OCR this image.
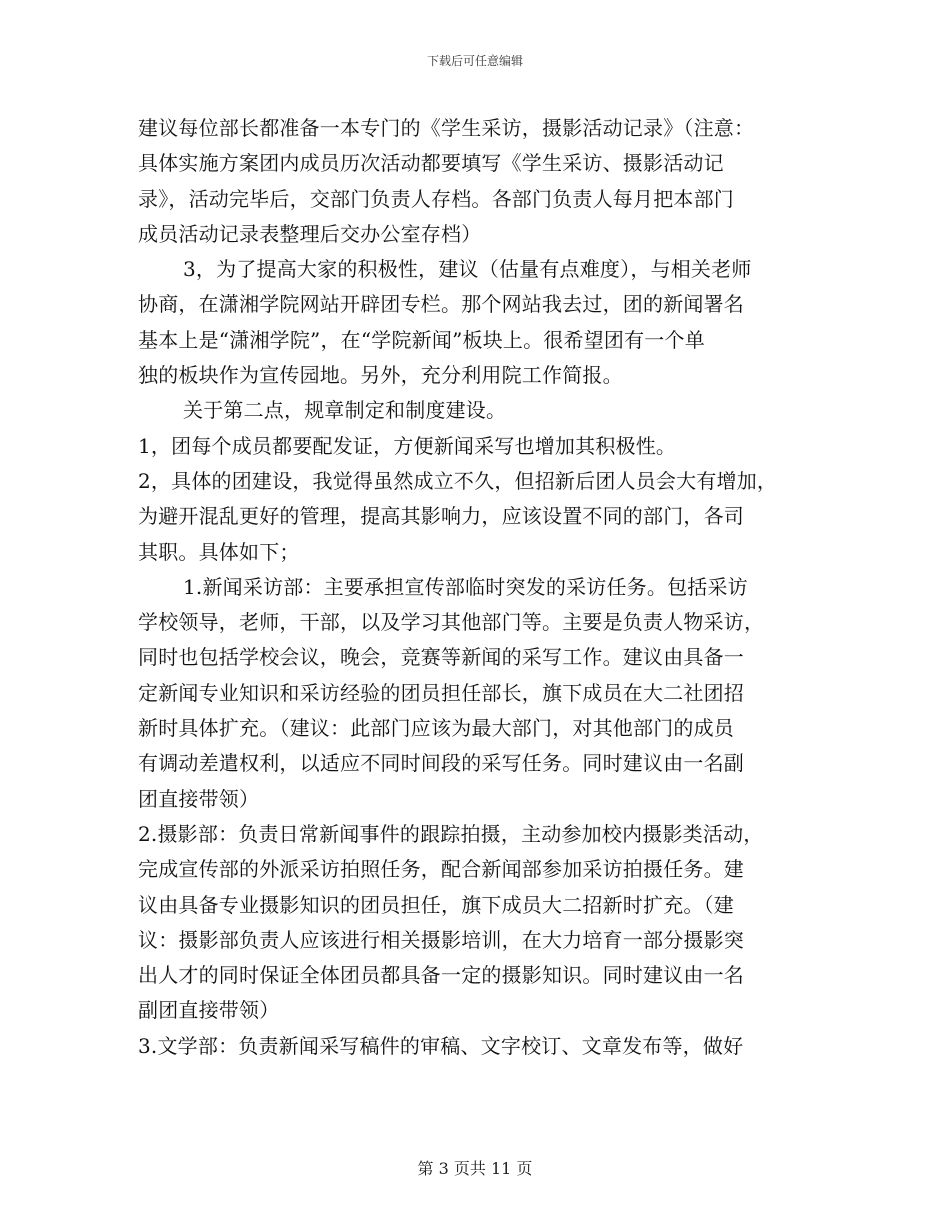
下载后可任意编辑
建议每位部长都准备一本专门的《学生采访，摄影活动记录》（注意：
具体实施方案团内成员历次活动都要填写《学生采访、摄影活动记
录》，活动完毕后，交部门负责人存档。各部门负责人每月把本部门
成员活动记录表整理后交办公室存档）
3，为了提高大家的积极性，建议（估量有点难度），与相关老师
协商，在潇湘学院网站开辟团专栏。那个网站我去过，团的新闻署名
基本上是“潇湘学院”，在“学院新闻”板块上。很希望团有一个单
独的板块作为宣传园地。另外，充分利用院工作简报。
关于第二点，规章制定和制度建设。
1，团每个成员都要配发证，方便新闻采写也增加其积极性。
2，具体的团建设，我觉得虽然成立不久，但招新后团人员会大有增加，
为避开混乱更好的管理，提高其影响力，应该设置不同的部门，各司
其职。具体如下；
1.新闻采访部：主要承担宣传部临时突发的采访任务。包括采访
学校领导，老师，干部，以及学习其他部门等。主要是负责人物采访，
同时也包括学校会议，晚会，竞赛等新闻的采写工作。建议由具备一
定新闻专业知识和采访经验的团员担任部长，旗下成员在大二社团招
新时具体扩充。（建议：此部门应该为最大部门，对其他部门的成员
有调动差遣权利，以适应不同时间段的采写任务。同时建议由一名副
团直接带领）
2.摄影部：负责日常新闻事件的跟踪拍摄，主动参加校内摄影类活动，
完成宣传部的外派采访拍照任务，配合新闻部参加采访拍摄任务。建
议由具备专业摄影知识的团员担任，旗下成员大二招新时扩充。（建
议：摄影部负责人应该进行相关摄影培训，在大力培育一部分摄影突
出人才的同时保证全体团员都具备一定的摄影知识。同时建议由一名
副团直接带领）
3.文学部：负责新闻采写稿件的审稿、文字校订、文章发布等，做好
第 3 页共 11 页
